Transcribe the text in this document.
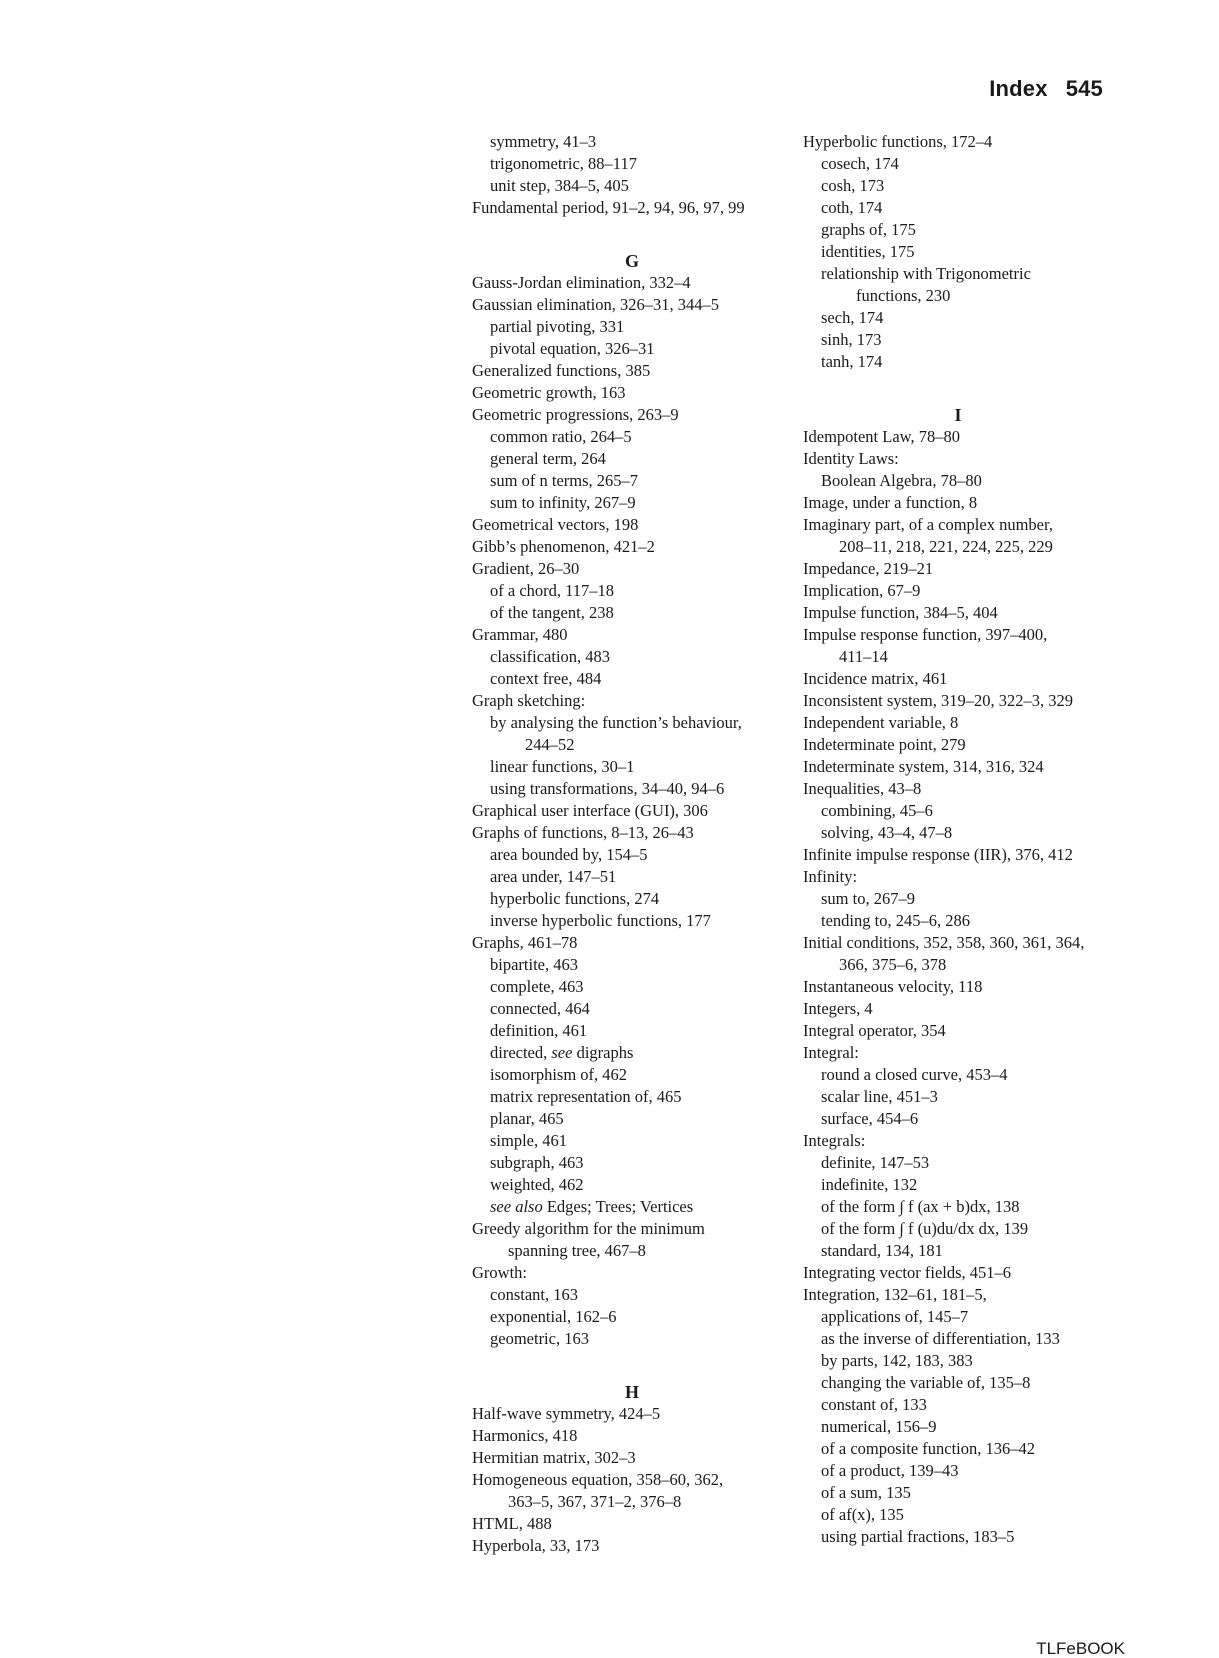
Index 545
symmetry, 41–3
trigonometric, 88–117
unit step, 384–5, 405
Fundamental period, 91–2, 94, 96, 97, 99
G
Gauss-Jordan elimination, 332–4
Gaussian elimination, 326–31, 344–5
partial pivoting, 331
pivotal equation, 326–31
Generalized functions, 385
Geometric growth, 163
Geometric progressions, 263–9
common ratio, 264–5
general term, 264
sum of n terms, 265–7
sum to infinity, 267–9
Geometrical vectors, 198
Gibb’s phenomenon, 421–2
Gradient, 26–30
of a chord, 117–18
of the tangent, 238
Grammar, 480
classification, 483
context free, 484
Graph sketching:
by analysing the function’s behaviour,
244–52
linear functions, 30–1
using transformations, 34–40, 94–6
Graphical user interface (GUI), 306
Graphs of functions, 8–13, 26–43
area bounded by, 154–5
area under, 147–51
hyperbolic functions, 274
inverse hyperbolic functions, 177
Graphs, 461–78
bipartite, 463
complete, 463
connected, 464
definition, 461
directed, see digraphs
isomorphism of, 462
matrix representation of, 465
planar, 465
simple, 461
subgraph, 463
weighted, 462
see also Edges; Trees; Vertices
Greedy algorithm for the minimum
spanning tree, 467–8
Growth:
constant, 163
exponential, 162–6
geometric, 163
H
Half-wave symmetry, 424–5
Harmonics, 418
Hermitian matrix, 302–3
Homogeneous equation, 358–60, 362,
363–5, 367, 371–2, 376–8
HTML, 488
Hyperbola, 33, 173
Hyperbolic functions, 172–4
cosech, 174
cosh, 173
coth, 174
graphs of, 175
identities, 175
relationship with Trigonometric
functions, 230
sech, 174
sinh, 173
tanh, 174
I
Idempotent Law, 78–80
Identity Laws:
Boolean Algebra, 78–80
Image, under a function, 8
Imaginary part, of a complex number,
208–11, 218, 221, 224, 225, 229
Impedance, 219–21
Implication, 67–9
Impulse function, 384–5, 404
Impulse response function, 397–400,
411–14
Incidence matrix, 461
Inconsistent system, 319–20, 322–3, 329
Independent variable, 8
Indeterminate point, 279
Indeterminate system, 314, 316, 324
Inequalities, 43–8
combining, 45–6
solving, 43–4, 47–8
Infinite impulse response (IIR), 376, 412
Infinity:
sum to, 267–9
tending to, 245–6, 286
Initial conditions, 352, 358, 360, 361, 364,
366, 375–6, 378
Instantaneous velocity, 118
Integers, 4
Integral operator, 354
Integral:
round a closed curve, 453–4
scalar line, 451–3
surface, 454–6
Integrals:
definite, 147–53
indefinite, 132
of the form ∫ f (ax + b)dx, 138
of the form ∫ f (u)du/dx dx, 139
standard, 134, 181
Integrating vector fields, 451–6
Integration, 132–61, 181–5,
applications of, 145–7
as the inverse of differentiation, 133
by parts, 142, 183, 383
changing the variable of, 135–8
constant of, 133
numerical, 156–9
of a composite function, 136–42
of a product, 139–43
of a sum, 135
of af(x), 135
using partial fractions, 183–5
TLFeBOOK
